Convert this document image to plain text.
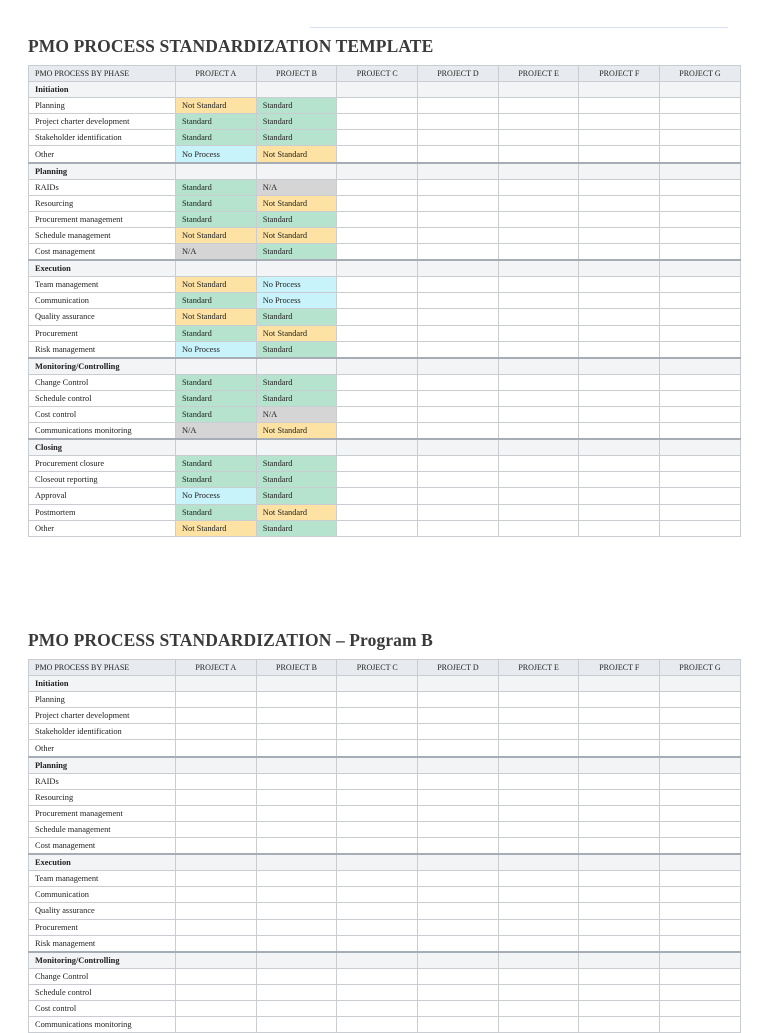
PMO PROCESS STANDARDIZATION TEMPLATE
PMO PROCESS BY PHASE	PROJECT A	PROJECT B	PROJECT C	PROJECT D	PROJECT E	PROJECT F	PROJECT G
Initiation							
Planning	Not Standard	Standard					
Project charter development	Standard	Standard					
Stakeholder identification	Standard	Standard					
Other	No Process	Not Standard					
Planning							
RAIDs	Standard	N/A					
Resourcing	Standard	Not Standard					
Procurement management	Standard	Standard					
Schedule management	Not Standard	Not Standard					
Cost management	N/A	Standard					
Execution							
Team management	Not Standard	No Process					
Communication	Standard	No Process					
Quality assurance	Not Standard	Standard					
Procurement	Standard	Not Standard					
Risk management	No Process	Standard					
Monitoring/Controlling							
Change Control	Standard	Standard					
Schedule control	Standard	Standard					
Cost control	Standard	N/A					
Communications monitoring	N/A	Not Standard					
Closing							
Procurement closure	Standard	Standard					
Closeout reporting	Standard	Standard					
Approval	No Process	Standard					
Postmortem	Standard	Not Standard					
Other	Not Standard	Standard					
PMO PROCESS STANDARDIZATION – Program B
PMO PROCESS BY PHASE	PROJECT A	PROJECT B	PROJECT C	PROJECT D	PROJECT E	PROJECT F	PROJECT G
Initiation							
Planning							
Project charter development							
Stakeholder identification							
Other							
Planning							
RAIDs							
Resourcing							
Procurement management							
Schedule management							
Cost management							
Execution							
Team management							
Communication							
Quality assurance							
Procurement							
Risk management							
Monitoring/Controlling							
Change Control							
Schedule control							
Cost control							
Communications monitoring							
